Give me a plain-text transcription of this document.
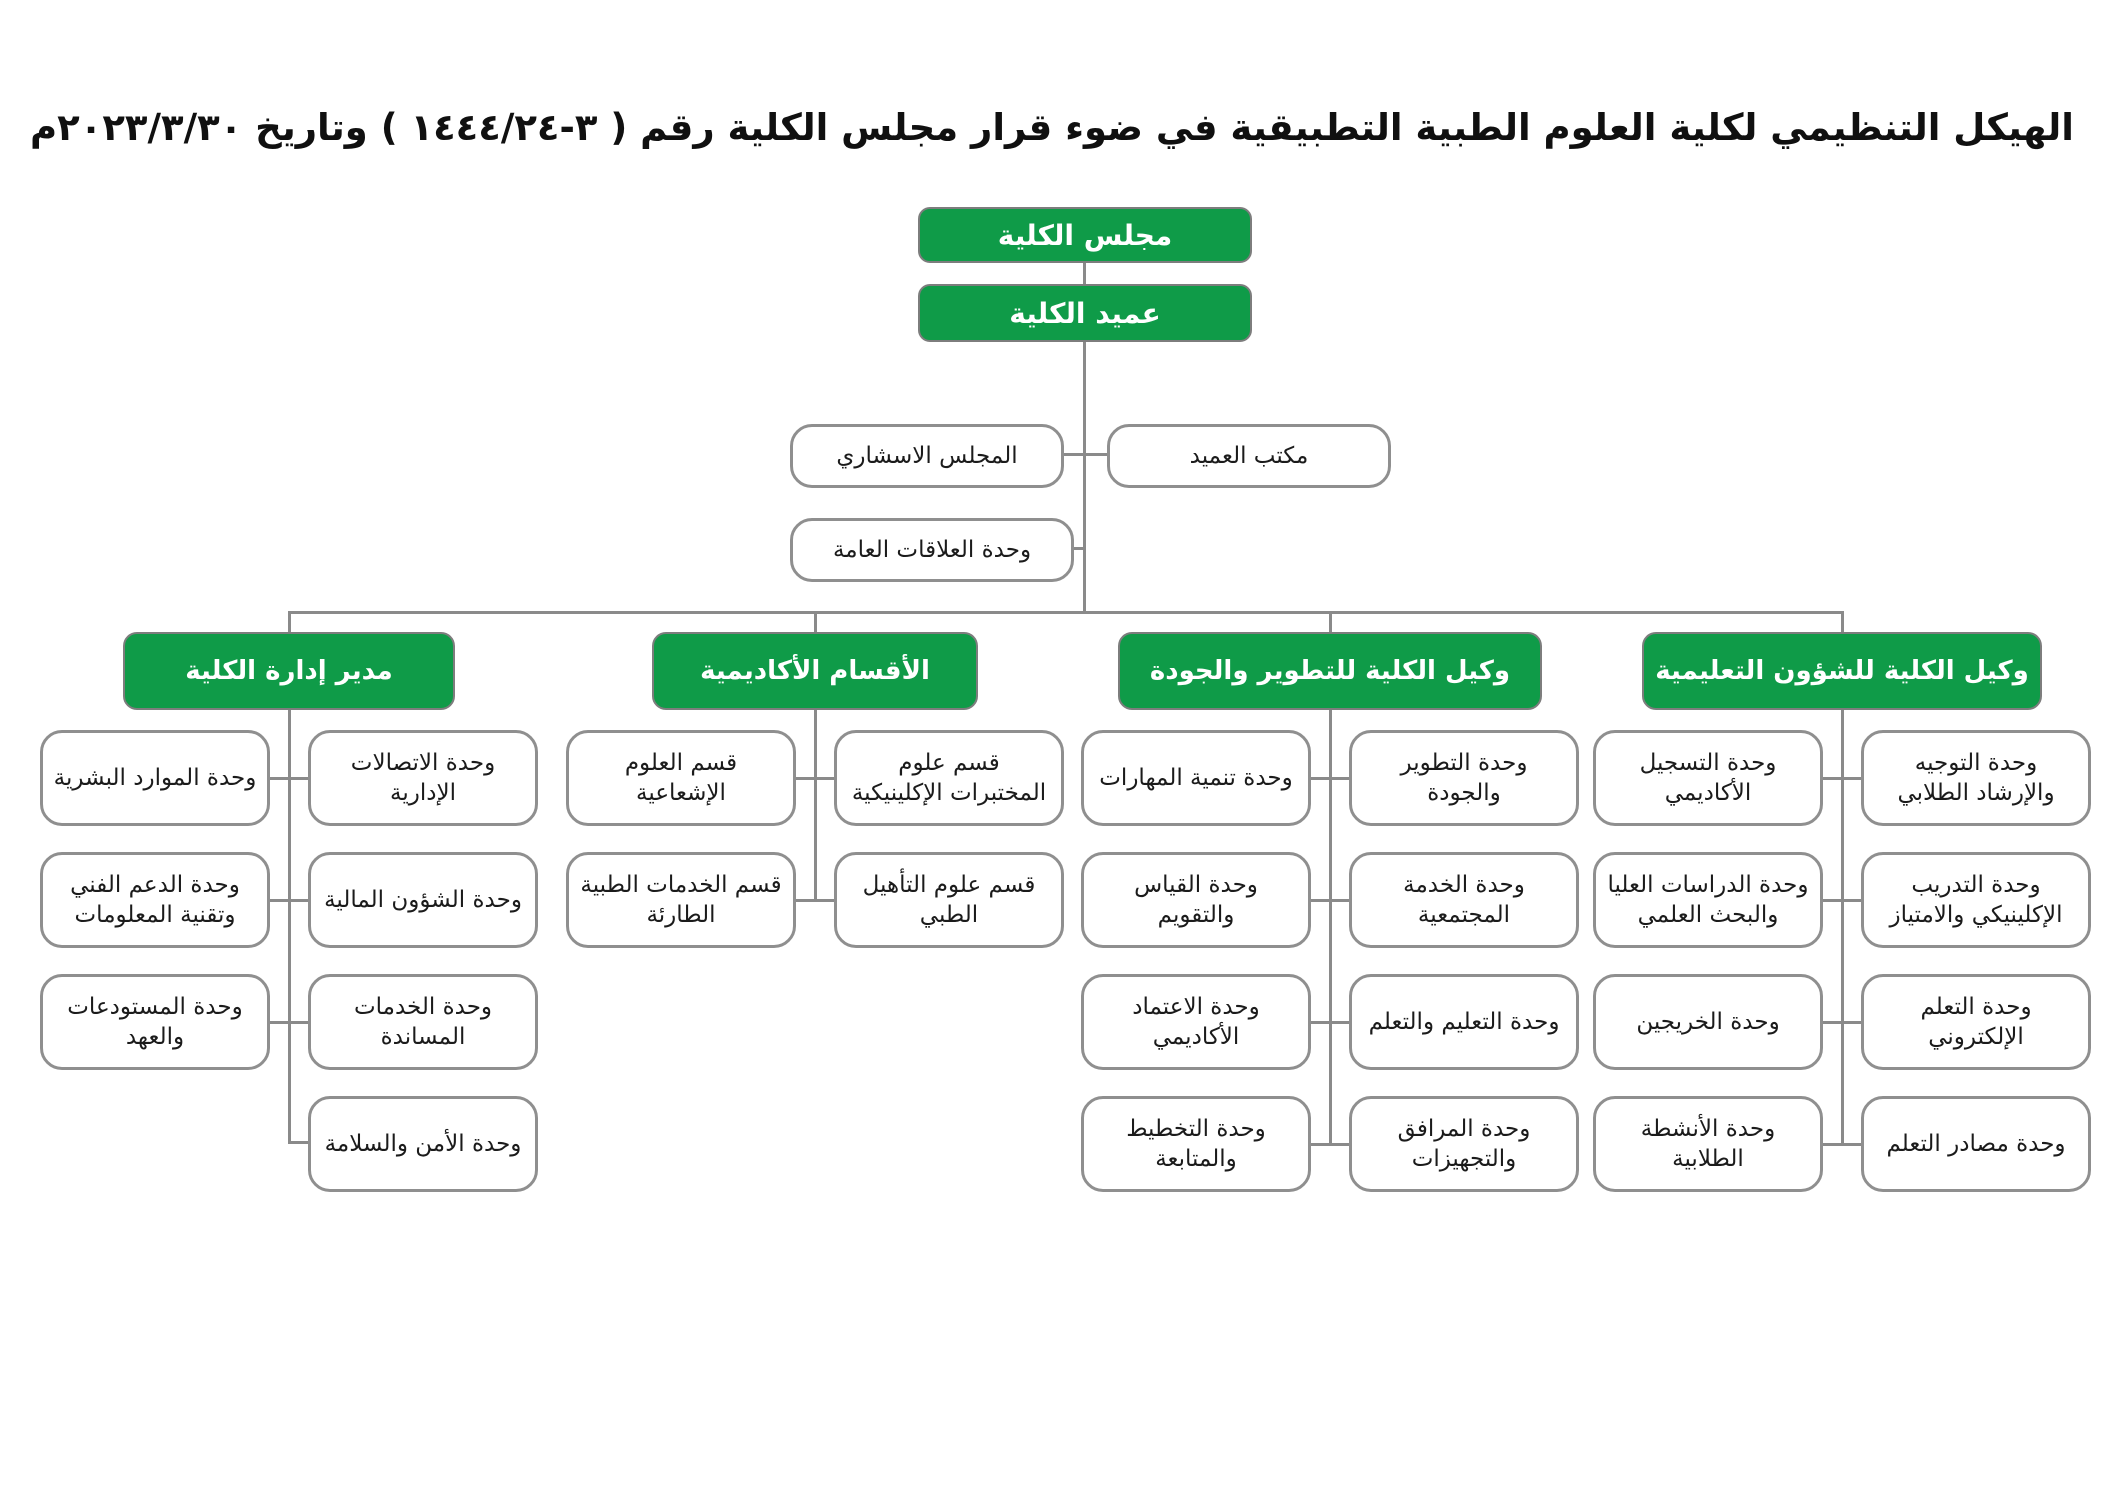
الهيكل التنظيمي لكلية العلوم الطبية التطبيقية في ضوء قرار مجلس الكلية رقم ( ٣-١٤٤٤/٢٤ ) وتاريخ ٢٠٢٣/٣/٣٠م
مجلس الكلية
عميد الكلية
المجلس الاسشاري	مكتب العميد
وحدة العلاقات العامة
مدير إدارة الكلية	الأقسام الأكاديمية	وكيل الكلية للتطوير والجودة	وكيل الكلية للشؤون التعليمية
وحدة الموارد البشرية
وحدة الدعم الفني وتقنية المعلومات
وحدة المستودعات والعهد
وحدة الاتصالات الإدارية
وحدة الشؤون المالية
وحدة الخدمات المساندة
وحدة الأمن والسلامة
قسم العلوم الإشعاعية
قسم الخدمات الطبية الطارئة
قسم علوم المختبرات الإكلينيكية
قسم علوم التأهيل الطبي
وحدة تنمية المهارات
وحدة القياس والتقويم
وحدة الاعتماد الأكاديمي
وحدة التخطيط والمتابعة
وحدة التطوير والجودة
وحدة الخدمة المجتمعية
وحدة التعليم والتعلم
وحدة المرافق والتجهيزات
وحدة التسجيل الأكاديمي
وحدة الدراسات العليا والبحث العلمي
وحدة الخريجين
وحدة الأنشطة الطلابية
وحدة التوجيه والإرشاد الطلابي
وحدة التدريب الإكلينيكي والامتياز
وحدة التعلم الإلكتروني
وحدة مصادر التعلم
